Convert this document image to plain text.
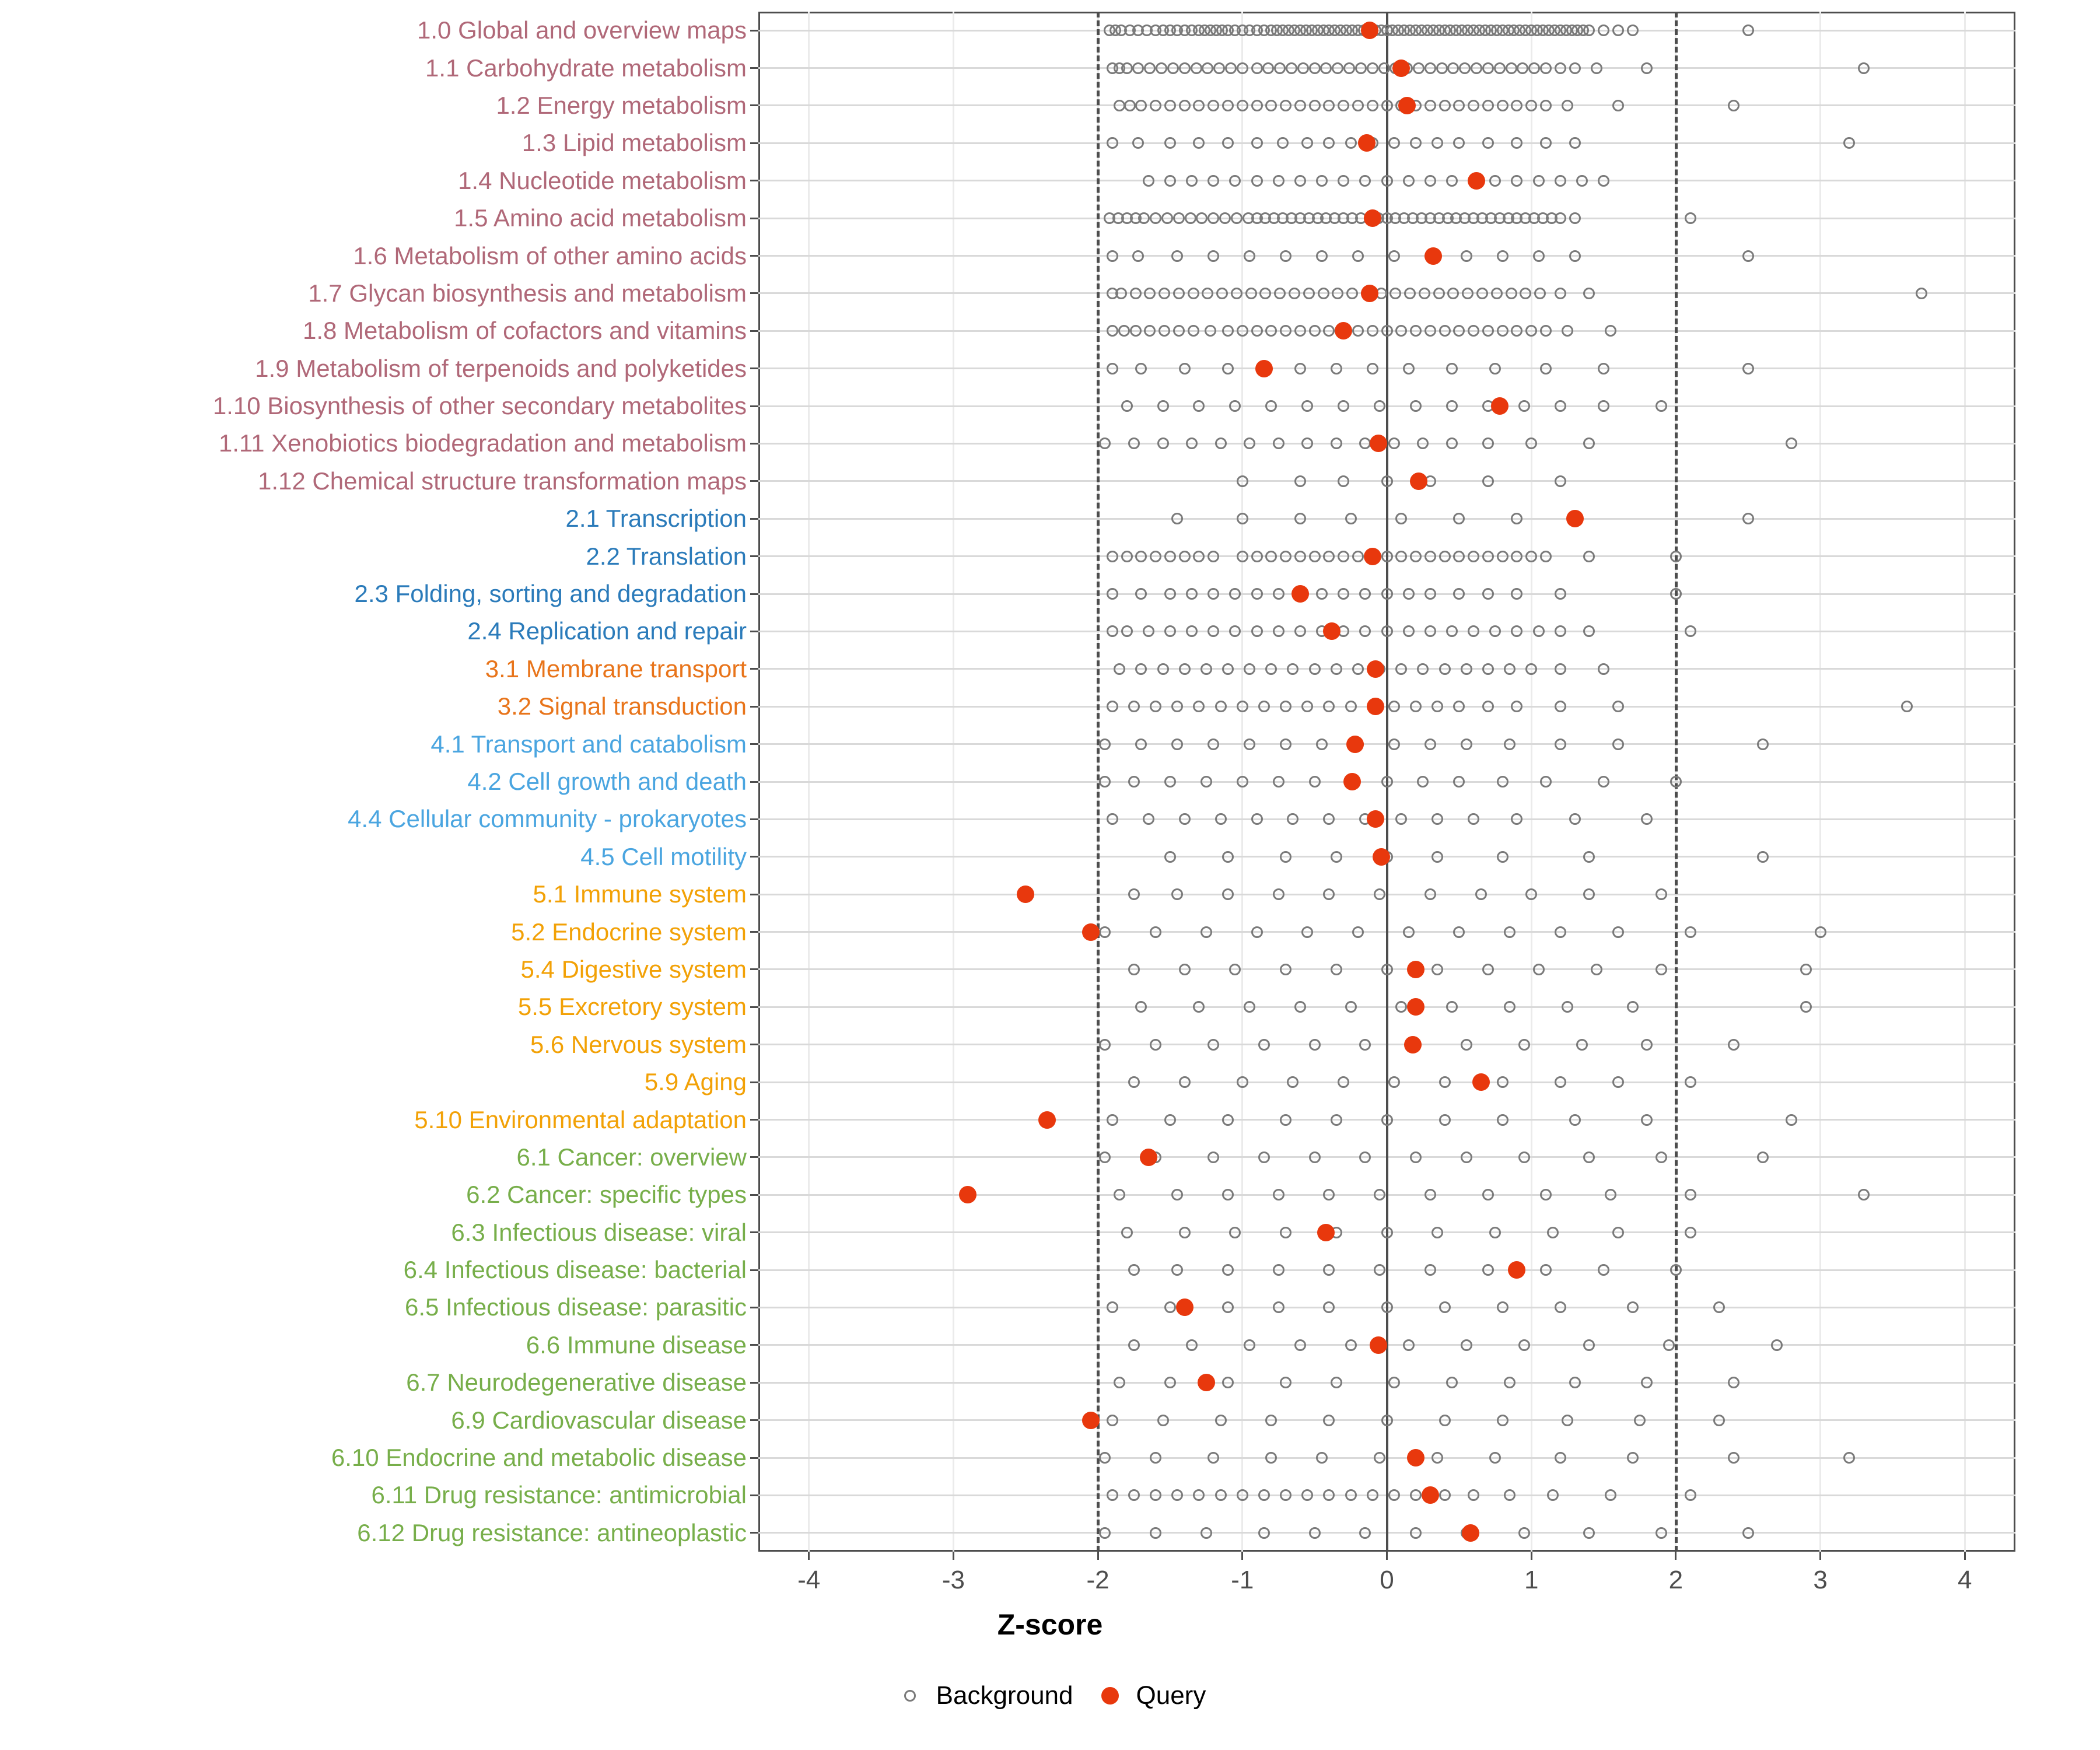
1.0 Global and overview maps
1.1 Carbohydrate metabolism
1.2 Energy metabolism
1.3 Lipid metabolism
1.4 Nucleotide metabolism
1.5 Amino acid metabolism
1.6 Metabolism of other amino acids
1.7 Glycan biosynthesis and metabolism
1.8 Metabolism of cofactors and vitamins
1.9 Metabolism of terpenoids and polyketides
1.10 Biosynthesis of other secondary metabolites
1.11 Xenobiotics biodegradation and metabolism
1.12 Chemical structure transformation maps
2.1 Transcription
2.2 Translation
2.3 Folding, sorting and degradation
2.4 Replication and repair
3.1 Membrane transport
3.2 Signal transduction
4.1 Transport and catabolism
4.2 Cell growth and death
4.4 Cellular community - prokaryotes
4.5 Cell motility
5.1 Immune system
5.2 Endocrine system
5.4 Digestive system
5.5 Excretory system
5.6 Nervous system
5.9 Aging
5.10 Environmental adaptation
6.1 Cancer: overview
6.2 Cancer: specific types
6.3 Infectious disease: viral
6.4 Infectious disease: bacterial
6.5 Infectious disease: parasitic
6.6 Immune disease
6.7 Neurodegenerative disease
6.9 Cardiovascular disease
6.10 Endocrine and metabolic disease
6.11 Drug resistance: antimicrobial
6.12 Drug resistance: antineoplastic
-4	-3	-2	-1	0	1	2	3	4
Z-score
Background Query
